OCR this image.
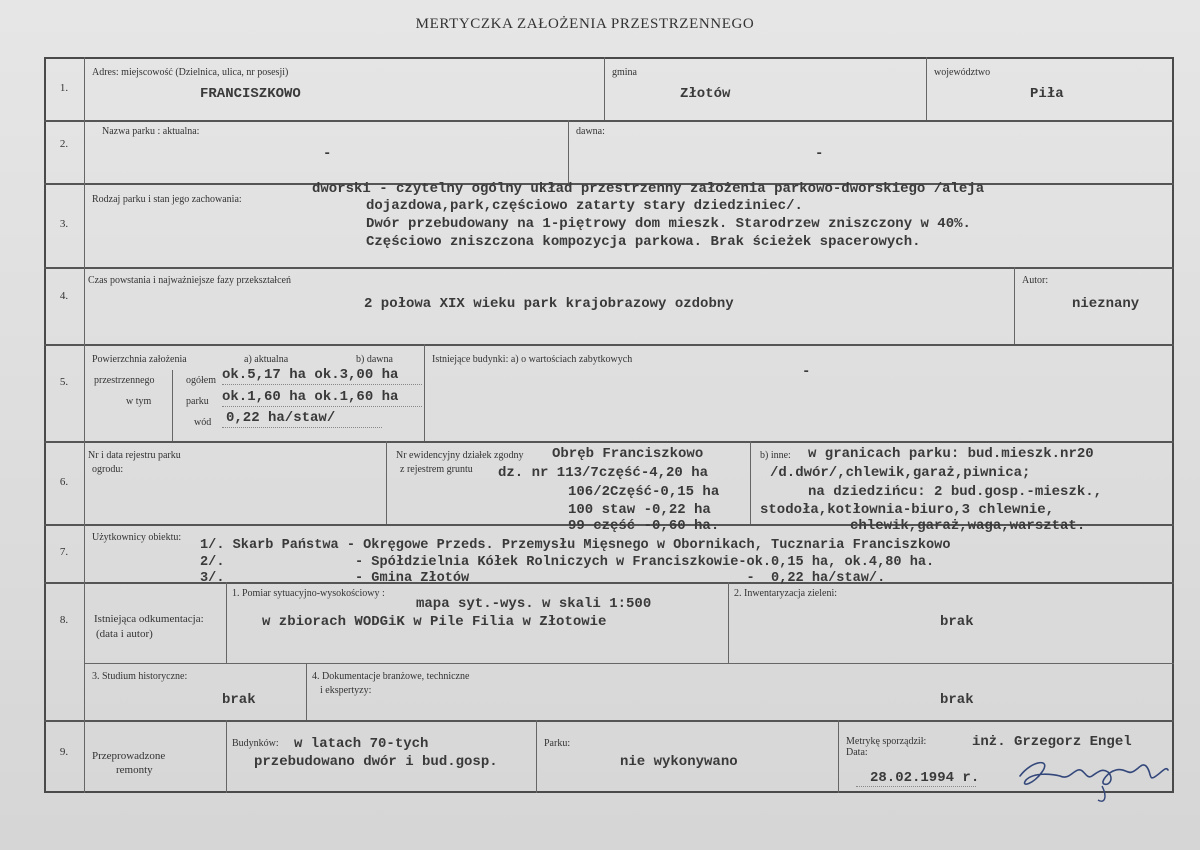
MERTYCZKA ZAŁOŻENIA PRZESTRZENNEGO
1.
2.
3.
4.
5.
6.
7.
8.
9.
Adres: miejscowość (Dzielnica, ulica, nr posesji)
FRANCISZKOWO
gmina
Złotów
województwo
Piła
Nazwa parku : aktualna:
-
dawna:
-
Rodzaj parku i stan jego zachowania:
dworski - czytelny ogólny układ przestrzenny założenia parkowo-dworskiego /aleja
dojazdowa,park,częściowo zatarty stary dziedziniec/.
Dwór przebudowany na 1-piętrowy dom mieszk. Starodrzew zniszczony w 40%.
Częściowo zniszczona kompozycja parkowa. Brak ścieżek spacerowych.
Czas powstania i najważniejsze fazy przekształceń
2 połowa XIX wieku park krajobrazowy ozdobny
Autor:
nieznany
Powierzchnia założenia
przestrzennego
w tym
a) aktualna	b) dawna
ogółem
parku
wód
ok.5,17 ha ok.3,00 ha
ok.1,60 ha ok.1,60 ha
0,22 ha/staw/
Istniejące budynki: a) o wartościach zabytkowych
-
Nr i data rejestru parku
ogrodu:
Nr ewidencyjny działek zgodny
z rejestrem gruntu
Obręb Franciszkowo
dz. nr 113/7część-4,20 ha
106/2Część-0,15 ha
100 staw -0,22 ha
99 część -0,60 ha.
b) inne: w granicach parku: bud.mieszk.nr20
/d.dwór/,chlewik,garaż,piwnica;
na dziedzińcu: 2 bud.gosp.-mieszk.,
stodoła,kotłownia-biuro,3 chlewnie,
chlewik,garaż,waga,warsztat.
Użytkownicy obiektu:
1/. Skarb Państwa - Okręgowe Przeds. Przemysłu Mięsnego w Obornikach, Tucznaria Franciszkowo
2/.                - Spółdzielnia Kółek Rolniczych w Franciszkowie-ok.0,15 ha, ok.4,80 ha.
3/.                - Gmina Złotów                                  -  0,22 ha/staw/.
Istniejąca odkumentacja:
(data i autor)
1. Pomiar sytuacyjno-wysokościowy :
mapa syt.-wys. w skali 1:500
w zbiorach WODGiK w Pile Filia w Złotowie
2. Inwentaryzacja zieleni:
brak
3. Studium historyczne:
brak
4. Dokumentacje branżowe, techniczne
i ekspertyzy:
brak
Przeprowadzone
remonty
Budynków: w latach 70-tych
przebudowano dwór i bud.gosp.
Parku:
nie wykonywano
Metrykę sporządził:
Data:
inż. Grzegorz Engel
28.02.1994 r.
